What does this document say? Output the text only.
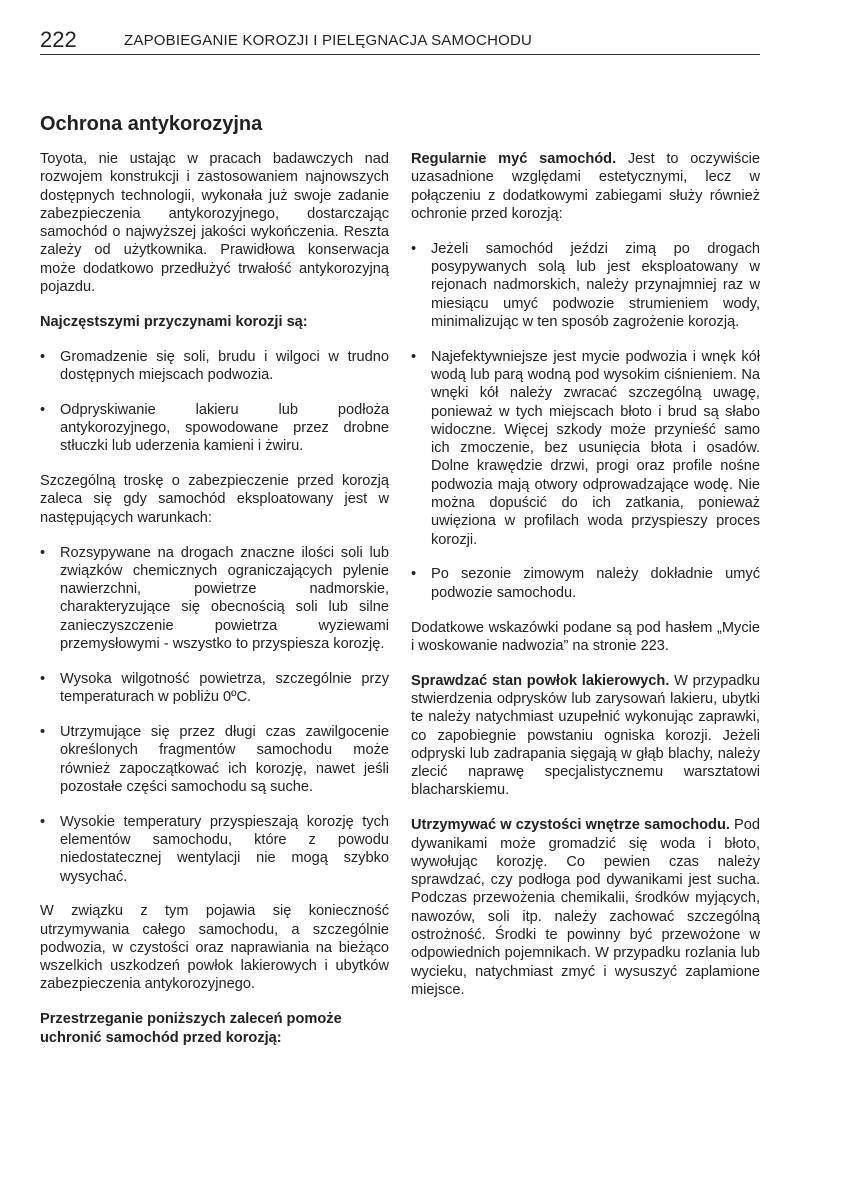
222	ZAPOBIEGANIE KOROZJI I PIELĘGNACJA SAMOCHODU
Ochrona antykorozyjna

Toyota, nie ustając w pracach badawczych nad rozwojem konstrukcji i zastosowaniem najnowszych dostępnych technologii, wykonała już swoje zadanie zabezpieczenia antykorozyjnego, dostarczając samochód o najwyższej jakości wykończenia. Reszta zależy od użytkownika. Prawidłowa konserwacja może dodatkowo przedłużyć trwałość antykorozyjną pojazdu.

Najczęstszymi przyczynami korozji są:

•	Gromadzenie się soli, brudu i wilgoci w trudno dostępnych miejscach podwozia.
•	Odpryskiwanie lakieru lub podłoża antykorozyjnego, spowodowane przez drobne stłuczki lub uderzenia kamieni i żwiru.

Szczególną troskę o zabezpieczenie przed korozją zaleca się gdy samochód eksploatowany jest w następujących warunkach:

•	Rozsypywane na drogach znaczne ilości soli lub związków chemicznych ograniczających pylenie nawierzchni, powietrze nadmorskie, charakteryzujące się obecnością soli lub silne zanieczyszczenie powietrza wyziewami przemysłowymi - wszystko to przyspiesza korozję.
•	Wysoka wilgotność powietrza, szczególnie przy temperaturach w pobliżu 0ºC.
•	Utrzymujące się przez długi czas zawilgocenie określonych fragmentów samochodu może również zapoczątkować ich korozję, nawet jeśli pozostałe części samochodu są suche.
•	Wysokie temperatury przyspieszają korozję tych elementów samochodu, które z powodu niedostatecznej wentylacji nie mogą szybko wysychać.

W związku z tym pojawia się konieczność utrzymywania całego samochodu, a szczególnie podwozia, w czystości oraz naprawiania na bieżąco wszelkich uszkodzeń powłok lakierowych i ubytków zabezpieczenia antykorozyjnego.

Przestrzeganie poniższych zaleceń pomoże uchronić samochód przed korozją:

Regularnie myć samochód. Jest to oczywiście uzasadnione względami estetycznymi, lecz w połączeniu z dodatkowymi zabiegami służy również ochronie przed korozją:

•	Jeżeli samochód jeździ zimą po drogach posypywanych solą lub jest eksploatowany w rejonach nadmorskich, należy przynajmniej raz w miesiącu umyć podwozie strumieniem wody, minimalizując w ten sposób zagrożenie korozją.
•	Najefektywniejsze jest mycie podwozia i wnęk kół wodą lub parą wodną pod wysokim ciśnieniem. Na wnęki kół należy zwracać szczególną uwagę, ponieważ w tych miejscach błoto i brud są słabo widoczne. Więcej szkody może przynieść samo ich zmoczenie, bez usunięcia błota i osadów. Dolne krawędzie drzwi, progi oraz profile nośne podwozia mają otwory odprowadzające wodę. Nie można dopuścić do ich zatkania, ponieważ uwięziona w profilach woda przyspieszy proces korozji.
•	Po sezonie zimowym należy dokładnie umyć podwozie samochodu.

Dodatkowe wskazówki podane są pod hasłem „Mycie i woskowanie nadwozia” na stronie 223.

Sprawdzać stan powłok lakierowych. W przypadku stwierdzenia odprysków lub zarysowań lakieru, ubytki te należy natychmiast uzupełnić wykonując zaprawki, co zapobiegnie powstaniu ogniska korozji. Jeżeli odpryski lub zadrapania sięgają w głąb blachy, należy zlecić naprawę specjalistycznemu warsztatowi blacharskiemu.

Utrzymywać w czystości wnętrze samochodu. Pod dywanikami może gromadzić się woda i błoto, wywołując korozję. Co pewien czas należy sprawdzać, czy podłoga pod dywanikami jest sucha. Podczas przewożenia chemikalii, środków myjących, nawozów, soli itp. należy zachować szczególną ostrożność. Środki te powinny być przewożone w odpowiednich pojemnikach. W przypadku rozlania lub wycieku, natychmiast zmyć i wysuszyć zaplamione miejsce.
